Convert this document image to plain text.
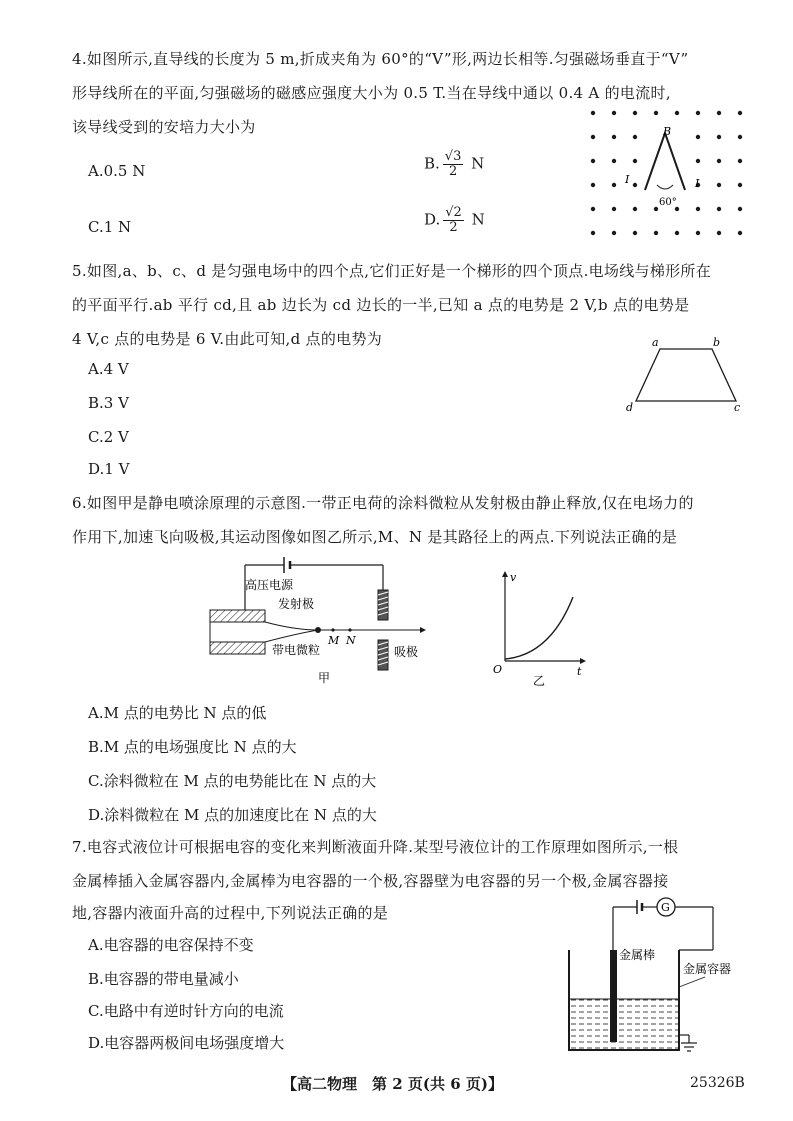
4.如图所示,直导线的长度为 5 m,折成夹角为 60°的“V”形,两边长相等.匀强磁场垂直于“V”
形导线所在的平面,匀强磁场的磁感应强度大小为 0.5 T.当在导线中通以 0.4 A 的电流时,
该导线受到的安培力大小为
A.0.5 N	B. $\frac{√3}{2}$ N
C.1 N	D. $\frac{√2}{2}$ N
B
I	I
60°
5.如图,a、b、c、d 是匀强电场中的四个点,它们正好是一个梯形的四个顶点.电场线与梯形所在
的平面平行.ab 平行 cd,且 ab 边长为 cd 边长的一半,已知 a 点的电势是 2 V,b 点的电势是
4 V,c 点的电势是 6 V.由此可知,d 点的电势为
A.4 V
B.3 V
C.2 V
D.1 V
a	b
c
d
6.如图甲是静电喷涂原理的示意图.一带正电荷的涂料微粒从发射极由静止释放,仅在电场力的
作用下,加速飞向吸极,其运动图像如图乙所示,M、N 是其路径上的两点.下列说法正确的是
高压电源
M N
发射极
带电微粒	吸极
甲
v
t
O
乙
A.M 点的电势比 N 点的低
B.M 点的电场强度比 N 点的大
C.涂料微粒在 M 点的电势能比在 N 点的大
D.涂料微粒在 M 点的加速度比在 N 点的大
7.电容式液位计可根据电容的变化来判断液面升降.某型号液位计的工作原理如图所示,一根
金属棒插入金属容器内,金属棒为电容器的一个极,容器壁为电容器的另一个极,金属容器接
地,容器内液面升高的过程中,下列说法正确的是
A.电容器的电容保持不变
B.电容器的带电量减小
C.电路中有逆时针方向的电流
D.电容器两极间电场强度增大
G
金属棒
金属容器
【高二物理　第 2 页(共 6 页)】	25326B
